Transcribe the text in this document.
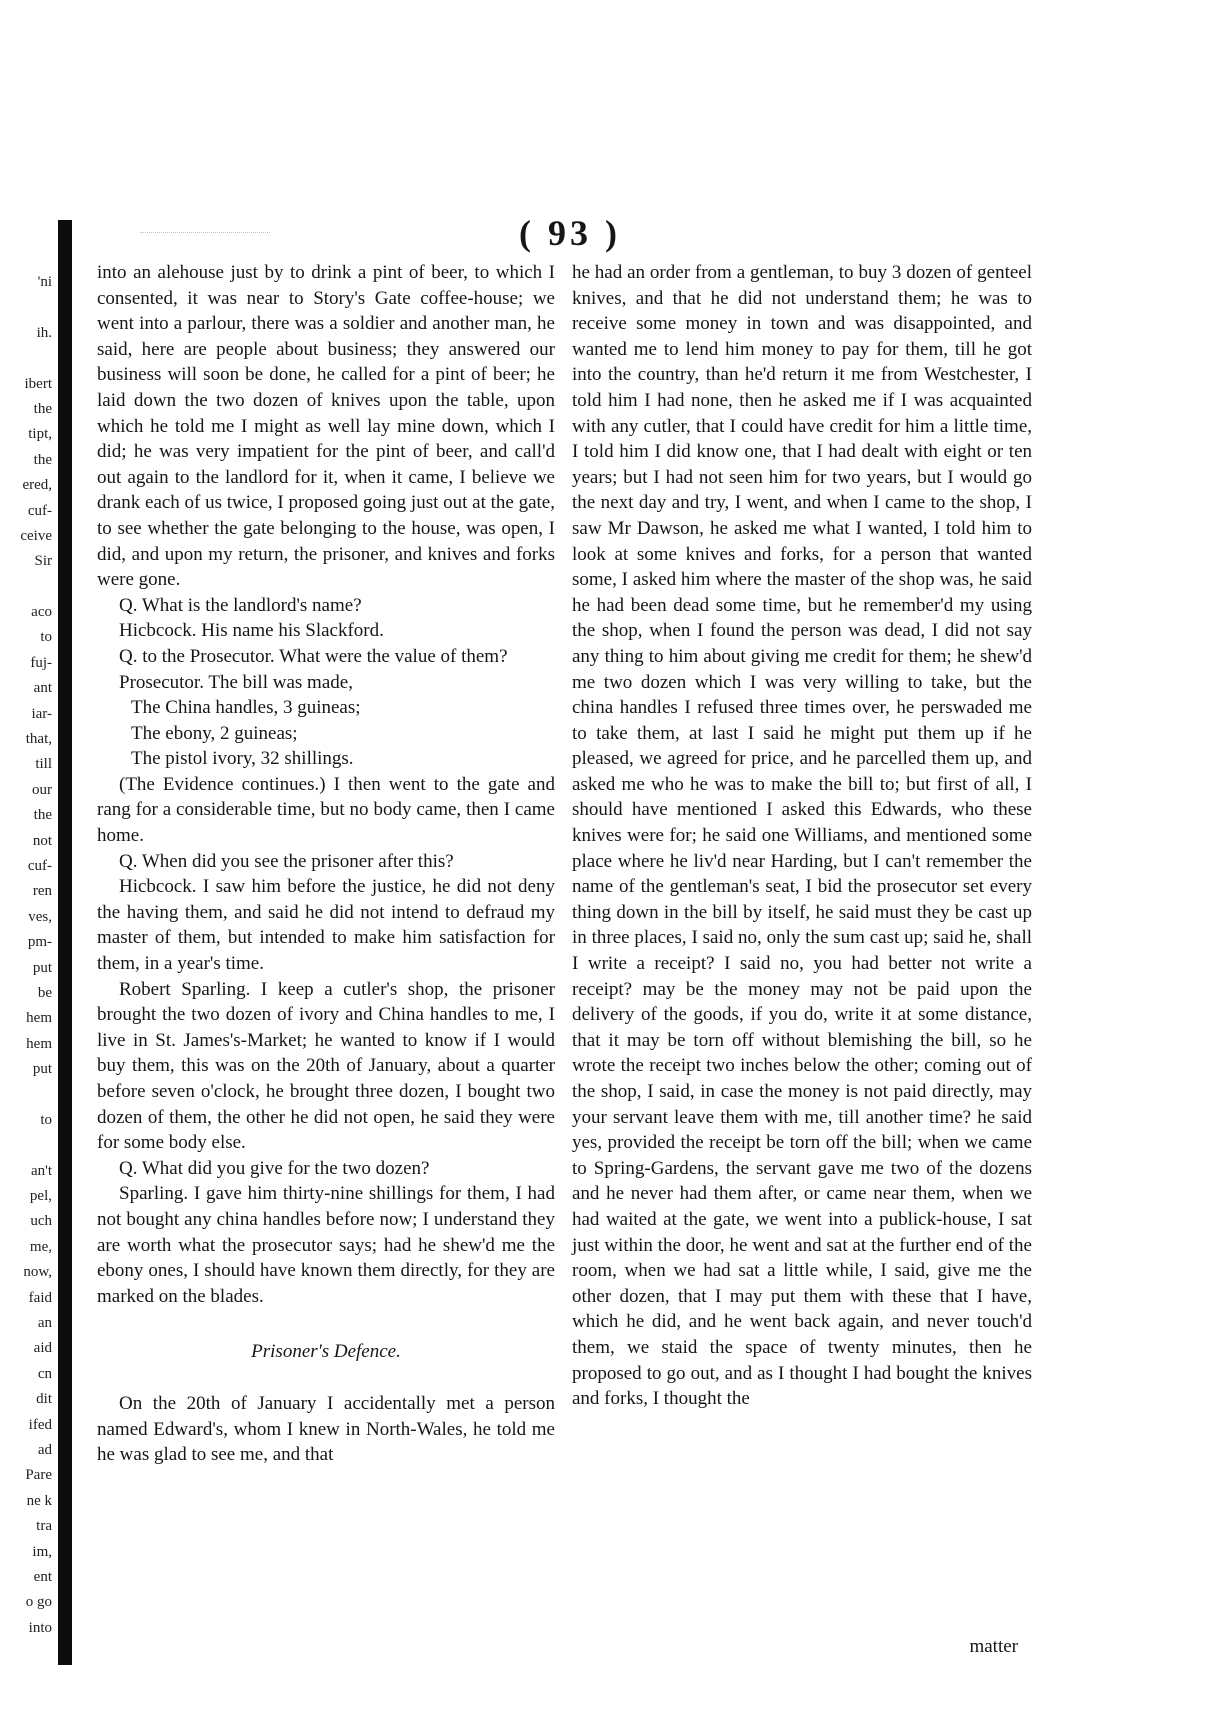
'ni
ih.
ibert
the
tipt,
the
ered,
cuf-
ceive
Sir
aco
to
fuj-
ant
iar-
that,
till
our
the
not
cuf-
ren
ves,
pm-
put
be
hem
hem
put
to
an't
pel,
uch
me,
now,
faid
an
aid
cn
dit
ifed
ad
Pare
ne k
tra
im,
ent
o go
into
( 93 )

into an alehouse just by to drink a pint of beer, to which I consented, it was near to Story's Gate coffee-house; we went into a parlour, there was a soldier and another man, he said, here are people about business; they answered our business will soon be done, he called for a pint of beer; he laid down the two dozen of knives upon the table, upon which he told me I might as well lay mine down, which I did; he was very impatient for the pint of beer, and call'd out again to the landlord for it, when it came, I believe we drank each of us twice, I proposed going just out at the gate, to see whether the gate belonging to the house, was open, I did, and upon my return, the prisoner, and knives and forks were gone.

Q. What is the landlord's name?

Hicbcock. His name his Slackford.

Q. to the Prosecutor. What were the value of them?

Prosecutor. The bill was made,

The China handles, 3 guineas;

The ebony, 2 guineas;

The pistol ivory, 32 shillings.

(The Evidence continues.) I then went to the gate and rang for a considerable time, but no body came, then I came home.

Q. When did you see the prisoner after this?

Hicbcock. I saw him before the justice, he did not deny the having them, and said he did not intend to defraud my master of them, but intended to make him satisfaction for them, in a year's time.

Robert Sparling. I keep a cutler's shop, the prisoner brought the two dozen of ivory and China handles to me, I live in St. James's-Market; he wanted to know if I would buy them, this was on the 20th of January, about a quarter before seven o'clock, he brought three dozen, I bought two dozen of them, the other he did not open, he said they were for some body else.

Q. What did you give for the two dozen?

Sparling. I gave him thirty-nine shillings for them, I had not bought any china handles before now; I understand they are worth what the prosecutor says; had he shew'd me the ebony ones, I should have known them directly, for they are marked on the blades.

Prisoner's Defence.

On the 20th of January I accidentally met a person named Edward's, whom I knew in North-Wales, he told me he was glad to see me, and that

he had an order from a gentleman, to buy 3 dozen of genteel knives, and that he did not understand them; he was to receive some money in town and was disappointed, and wanted me to lend him money to pay for them, till he got into the country, than he'd return it me from Westchester, I told him I had none, then he asked me if I was acquainted with any cutler, that I could have credit for him a little time, I told him I did know one, that I had dealt with eight or ten years; but I had not seen him for two years, but I would go the next day and try, I went, and when I came to the shop, I saw Mr Dawson, he asked me what I wanted, I told him to look at some knives and forks, for a person that wanted some, I asked him where the master of the shop was, he said he had been dead some time, but he remember'd my using the shop, when I found the person was dead, I did not say any thing to him about giving me credit for them; he shew'd me two dozen which I was very willing to take, but the china handles I refused three times over, he perswaded me to take them, at last I said he might put them up if he pleased, we agreed for price, and he parcelled them up, and asked me who he was to make the bill to; but first of all, I should have mentioned I asked this Edwards, who these knives were for; he said one Williams, and mentioned some place where he liv'd near Harding, but I can't remember the name of the gentleman's seat, I bid the prosecutor set every thing down in the bill by itself, he said must they be cast up in three places, I said no, only the sum cast up; said he, shall I write a receipt? I said no, you had better not write a receipt? may be the money may not be paid upon the delivery of the goods, if you do, write it at some distance, that it may be torn off without blemishing the bill, so he wrote the receipt two inches below the other; coming out of the shop, I said, in case the money is not paid directly, may your servant leave them with me, till another time? he said yes, provided the receipt be torn off the bill; when we came to Spring-Gardens, the servant gave me two of the dozens and he never had them after, or came near them, when we had waited at the gate, we went into a publick-house, I sat just within the door, he went and sat at the further end of the room, when we had sat a little while, I said, give me the other dozen, that I may put them with these that I have, which he did, and he went back again, and never touch'd them, we staid the space of twenty minutes, then he proposed to go out, and as I thought I had bought the knives and forks, I thought the

matter
